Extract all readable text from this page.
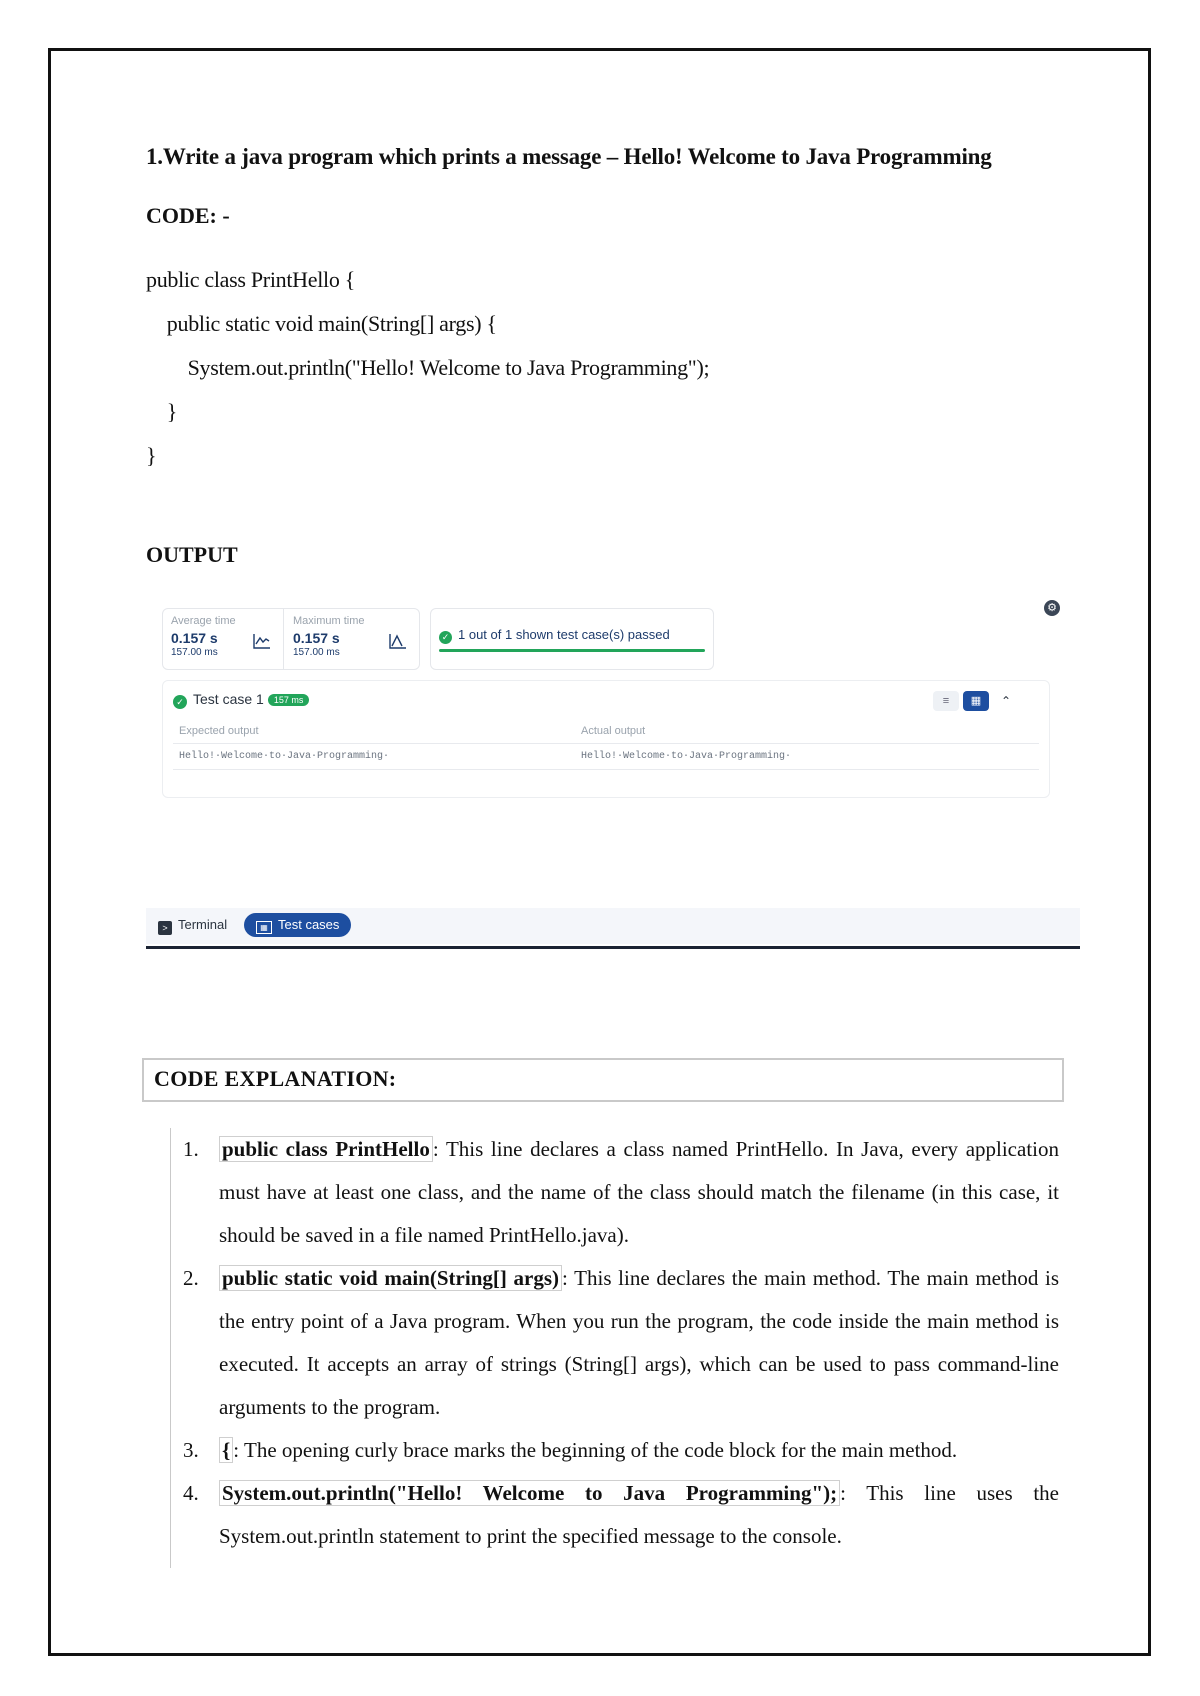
1.Write a java program which prints a message – Hello! Welcome to Java Programming
CODE: -
public class PrintHello {
public static void main(String[] args) {
System.out.println("Hello! Welcome to Java Programming");
}
}
OUTPUT
Average time
0.157 s
157.00 ms
Maximum time
0.157 s
157.00 ms
✓ 1 out of 1 shown test case(s) passed
⚙
✓ Test case 1 157 ms	≡	▦	⌃
Expected output	Actual output
Hello!·Welcome·to·Java·Programming·	Hello!·Welcome·to·Java·Programming·
> Terminal	▦ Test cases
CODE EXPLANATION:
1. public class PrintHello : This line declares a class named PrintHello. In Java, every application must have at least one class, and the name of the class should match the filename (in this case, it should be saved in a file named PrintHello.java).
2. public static void main(String[] args) : This line declares the main method. The main method is the entry point of a Java program. When you run the program, the code inside the main method is executed. It accepts an array of strings (String[] args), which can be used to pass command-line arguments to the program.
3. { : The opening curly brace marks the beginning of the code block for the main method.
4. System.out.println("Hello! Welcome to Java Programming"); : This line uses the System.out.println statement to print the specified message to the console.
